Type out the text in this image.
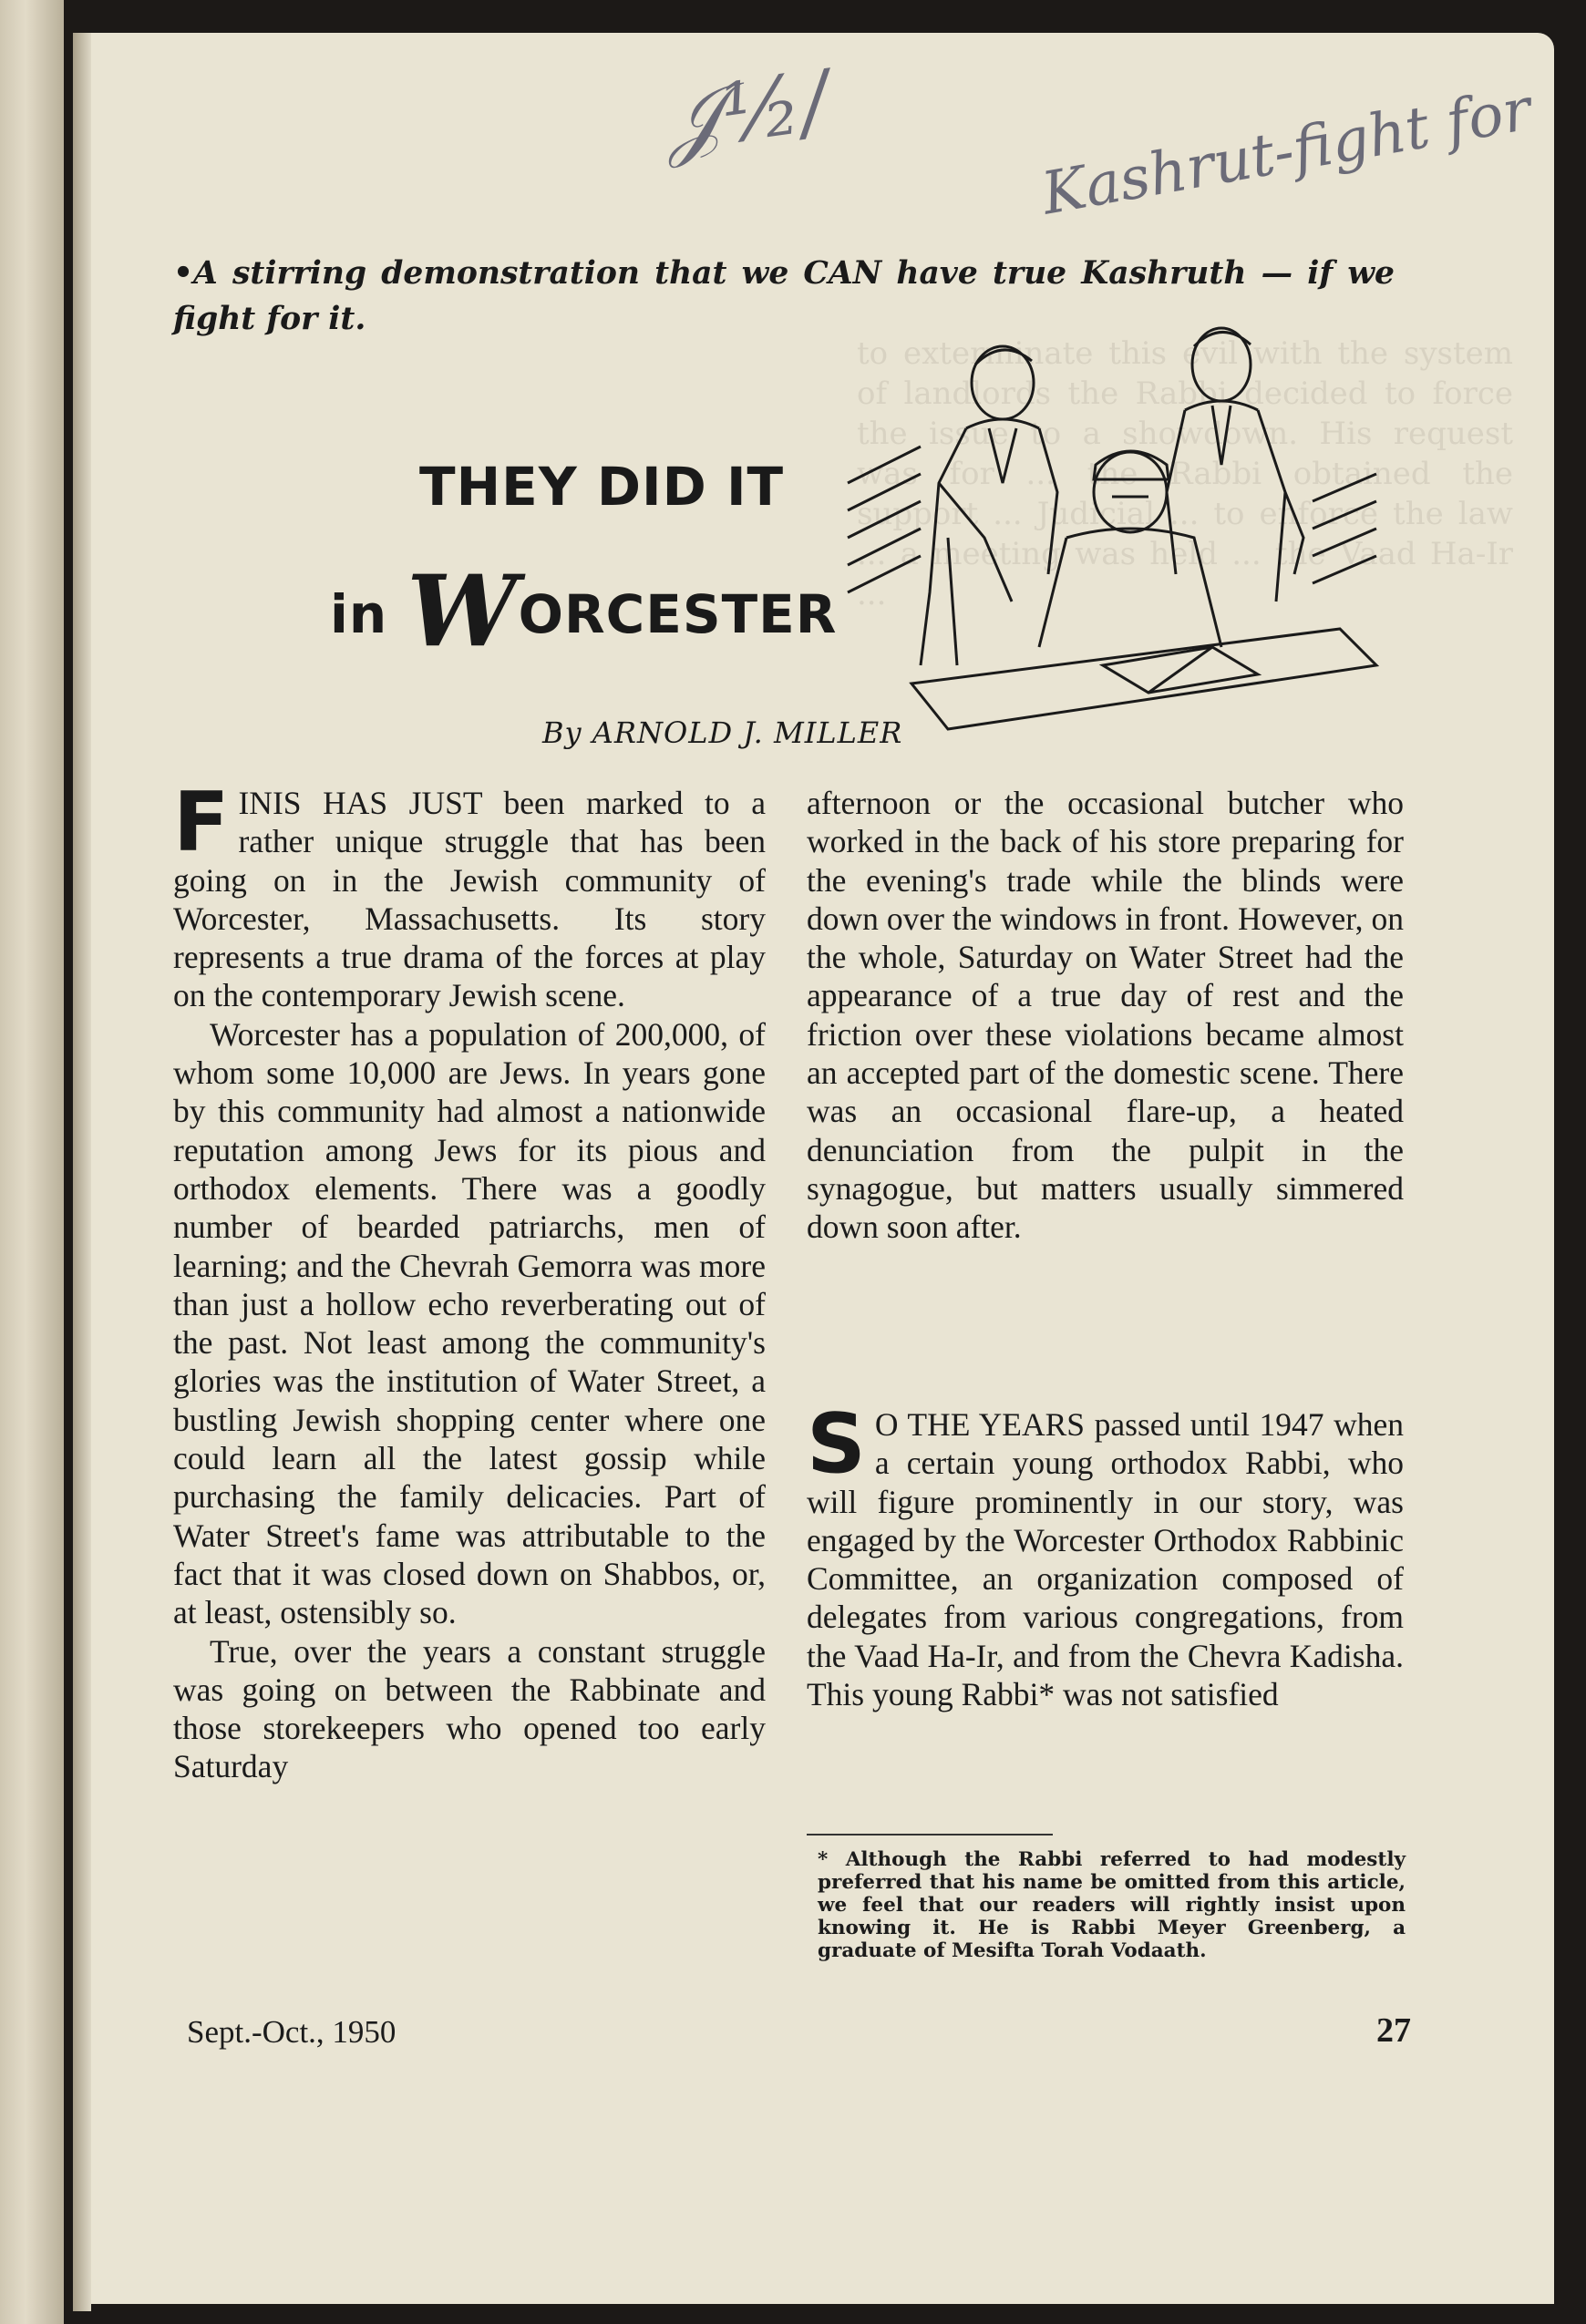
to exterminate this evil with the system of landlords the Rabbi decided to force the issue to a showdown. His request was for ... the Rabbi obtained the support ... Judicial ... to enforce the law ... a meeting was held ... the Vaad Ha-Ir ...

𝒥½/	Kashrut-fight for
•A stirring demonstration that we CAN have true Kashruth — if we fight for it.
THEY DID IT
in WORCESTER
By ARNOLD J. MILLER

FINIS HAS JUST been marked to a rather unique struggle that has been going on in the Jewish community of Worcester, Massachusetts. Its story represents a true drama of the forces at play on the contemporary Jewish scene.

Worcester has a population of 200,000, of whom some 10,000 are Jews. In years gone by this community had almost a nationwide reputation among Jews for its pious and orthodox elements. There was a goodly number of bearded patriarchs, men of learning; and the Chevrah Gemorra was more than just a hollow echo reverberating out of the past. Not least among the community's glories was the institution of Water Street, a bustling Jewish shopping center where one could learn all the latest gossip while purchasing the family delicacies. Part of Water Street's fame was attributable to the fact that it was closed down on Shabbos, or, at least, ostensibly so.

True, over the years a constant struggle was going on between the Rabbinate and those storekeepers who opened too early Saturday

afternoon or the occasional butcher who worked in the back of his store preparing for the evening's trade while the blinds were down over the windows in front. However, on the whole, Saturday on Water Street had the appearance of a true day of rest and the friction over these violations became almost an accepted part of the domestic scene. There was an occasional flare-up, a heated denunciation from the pulpit in the synagogue, but matters usually simmered down soon after.

S O THE YEARS passed until 1947 when a certain young orthodox Rabbi, who will figure prominently in our story, was engaged by the Worcester Orthodox Rabbinic Committee, an organization composed of delegates from various congregations, from the Vaad Ha-Ir, and from the Chevra Kadisha. This young Rabbi* was not satisfied

* Although the Rabbi referred to had modestly preferred that his name be omitted from this article, we feel that our readers will rightly insist upon knowing it. He is Rabbi Meyer Greenberg, a graduate of Mesifta Torah Vodaath.
Sept.-Oct., 1950	27
